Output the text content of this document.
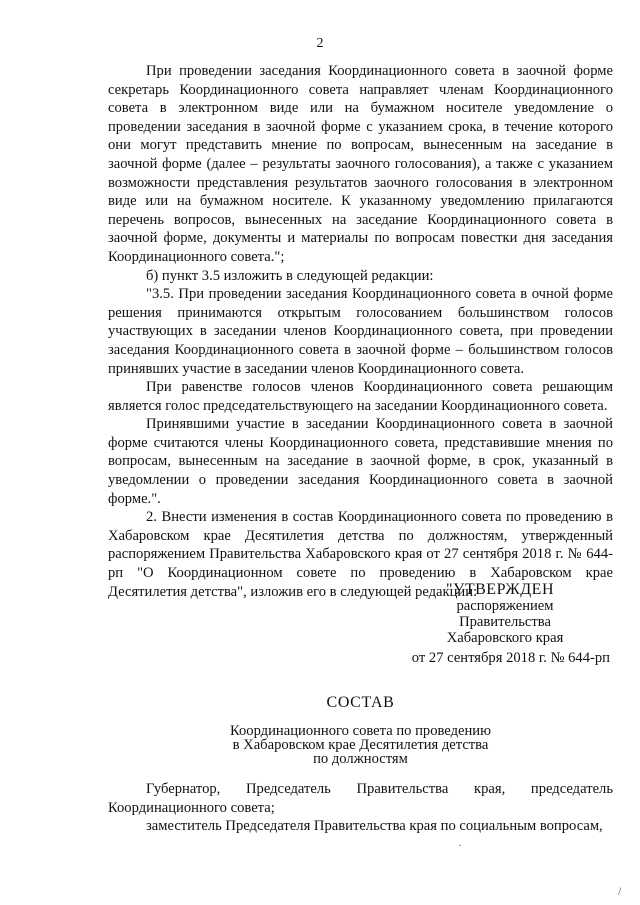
2

При проведении заседания Координационного совета в заочной форме секретарь Координационного совета направляет членам Координационного совета в электронном виде или на бумажном носителе уведомление о проведении заседания в заочной форме с указанием срока, в течение которого они могут представить мнение по вопросам, вынесенным на заседание в заочной форме (далее – результаты заочного голосования), а также с указанием возможности представления результатов заочного голосования в электронном виде или на бумажном носителе. К указанному уведомлению прилагаются перечень вопросов, вынесенных на заседание Координационного совета в заочной форме, документы и материалы по вопросам повестки дня заседания Координационного совета.";

б) пункт 3.5 изложить в следующей редакции:

"3.5. При проведении заседания Координационного совета в очной форме решения принимаются открытым голосованием большинством голосов участвующих в заседании членов Координационного совета, при проведении заседания Координационного совета в заочной форме – большинством голосов принявших участие в заседании членов Координационного совета.

При равенстве голосов членов Координационного совета решающим является голос председательствующего на заседании Координационного совета.

Принявшими участие в заседании Координационного совета в заочной форме считаются члены Координационного совета, представившие мнения по вопросам, вынесенным на заседание в заочной форме, в срок, указанный в уведомлении о проведении заседания Координационного совета в заочной форме.".

2. Внести изменения в состав Координационного совета по проведению в Хабаровском крае Десятилетия детства по должностям, утвержденный распоряжением Правительства Хабаровского края от 27 сентября 2018 г. № 644-рп "О Координационном совете по проведению в Хабаровском крае Десятилетия детства", изложив его в следующей редакции:

"УТВЕРЖДЕН
распоряжением
Правительства
Хабаровского края
от 27 сентября 2018 г. № 644-рп
СОСТАВ
Координационного совета по проведению
в Хабаровском крае Десятилетия детства
по должностям

Губернатор, Председатель Правительства края, председатель Координационного совета;

заместитель Председателя Правительства края по социальным вопросам,

·
/
